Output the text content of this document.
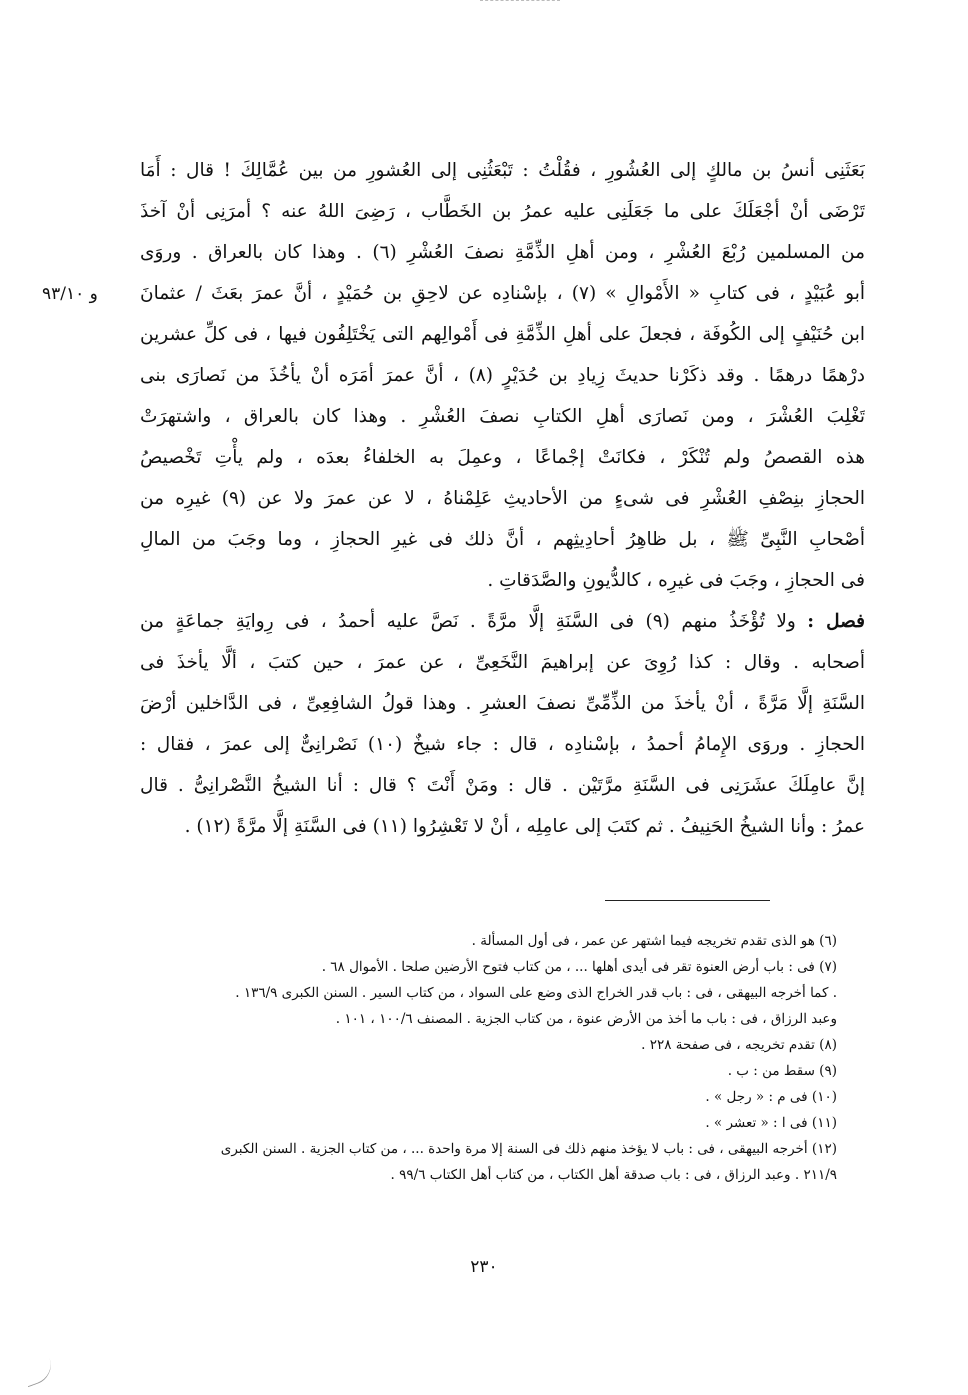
و ٩٣/١٠
بَعَثَنِى أنسُ بن مالكٍ إلى العُشُورِ ، فقُلْتُ : تَبْعَثُنِى إلى العُشورِ من بين عُمَّالِكَ ! قال : أَمَا
تَرْضَى أنْ أجْعَلَكَ على ما جَعَلَنِى عليه عمرُ بن الخَطَّاب ، رَضِىَ اللهُ عنه ؟ أمرَنِى أنْ آخذَ
من المسلمين رُبْعَ العُشْرِ ، ومن أهلِ الذِّمَّةِ نصفَ العُشْرِ (٦) . وهذا كان بالعراق . وروَى
أبو عُبَيْدٍ ، فى كتابِ « الأَمْوالِ » (٧) ، بإسْنادِه عن لاحِقِ بن حُمَيْدٍ ، أنَّ عمرَ بعَثَ / عثمانَ
ابن حُنَيْفٍ إلى الكُوفَة ، فجعلَ على أهلِ الذِّمَّةِ فى أَمْوالِهم التى يَخْتَلِفُون فيها ، فى كلِّ عشرين
درْهمًا درهمًا . وقد ذكَرْنا حديثَ زِيادِ بن حُدَيْرٍ (٨) ، أنَّ عمرَ أمَرَه أنْ يأخُذَ من نَصارَى بنى
تَغْلِبَ العُشْرَ ، ومن نَصارَى أهلِ الكتابِ نصفَ العُشْرِ . وهذا كان بالعراق ، واشتهرَتْ
هذه القصصُ ولم تُنْكَرْ ، فكانَتْ إجْماعًا ، وعمِلَ به الخلفاءُ بعدَه ، ولم يأْتِ تَخْصيصُ
الحجازِ بنِصْفِ العُشْرِ فى شىءٍ من الأحاديثِ عَلِمْناهُ ، لا عن عمرَ ولا عن (٩) غيرِه من
أصْحابِ النَّبِىِّ ﷺ ، بل ظاهِرُ أحادِيثِهم ، أنَّ ذلك فى غيرِ الحجازِ ، وما وجَبَ من المالِ
فى الحجازِ ، وجَبَ فى غيرِه ، كالدُّيونِ والصَّدَقاتِ .
فصل : ولا تُؤْخَذُ منهم (٩) فى السَّنَةِ إلَّا مرَّةً . نَصَّ عليه أحمدُ ، فى رِوايَةِ جماعَةٍ من
أصحابه . وقال : كذا رُوِىَ عن إبراهيمَ النَّخَعِىِّ ، عن عمرَ ، حين كتبَ ، ألَّا يأخذَ فى
السَّنَةِ إلَّا مَرَّةً ، أنْ يأخذَ من الذِّمِّىِّ نصفَ العشرِ . وهذا قولُ الشافِعِىِّ ، فى الدَّاخلين أرْضَ
الحجازِ . وروَى الإِمامُ أحمدُ ، بإسْنادِه ، قال : جاء شيخٌ (١٠) نَصْرانِىٌّ إلى عمرَ ، فقال :
إنَّ عامِلَكَ عشَرَنِى فى السَّنَةِ مرَّتَيْن . قال : ومَنْ أَنْتَ ؟ قال : أنا الشيخُ النَّصْرانِىُّ . قال
عمرُ : وأنا الشيخُ الحَنِيفُ . ثم كتَبَ إلى عامِلِه ، أنْ لا تَعْشِرُوا (١١) فى السَّنَةِ إلَّا مرَّةً (١٢) .
(٦) هو الذى تقدم تخريجه فيما اشتهر عن عمر ، فى أول المسألة .
(٧) فى : باب أرض العنوة تقر فى أيدى أهلها ... ، من كتاب فتوح الأرضين صلحا . الأموال ٦٨ .
. كما أخرجه البيهقى ، فى : باب قدر الخراج الذى وضع على السواد ، من كتاب السير . السنن الكبرى ١٣٦/٩ .
وعبد الرزاق ، فى : باب ما أخذ من الأرض عنوة ، من كتاب الجزية . المصنف ١٠٠/٦ ، ١٠١ .
(٨) تقدم تخريجه ، فى صفحة ٢٢٨ .
(٩) سقط من : ب .
(١٠) فى م : « رجل » .
(١١) فى ا : « تعشر » .
(١٢) أخرجه البيهقى ، فى : باب لا يؤخذ منهم ذلك فى السنة إلا مرة واحدة ... ، من كتاب الجزية . السنن الكبرى
٢١١/٩ . وعبد الرزاق ، فى : باب صدقة أهل الكتاب ، من كتاب أهل الكتاب ٩٩/٦ .
٢٣٠
